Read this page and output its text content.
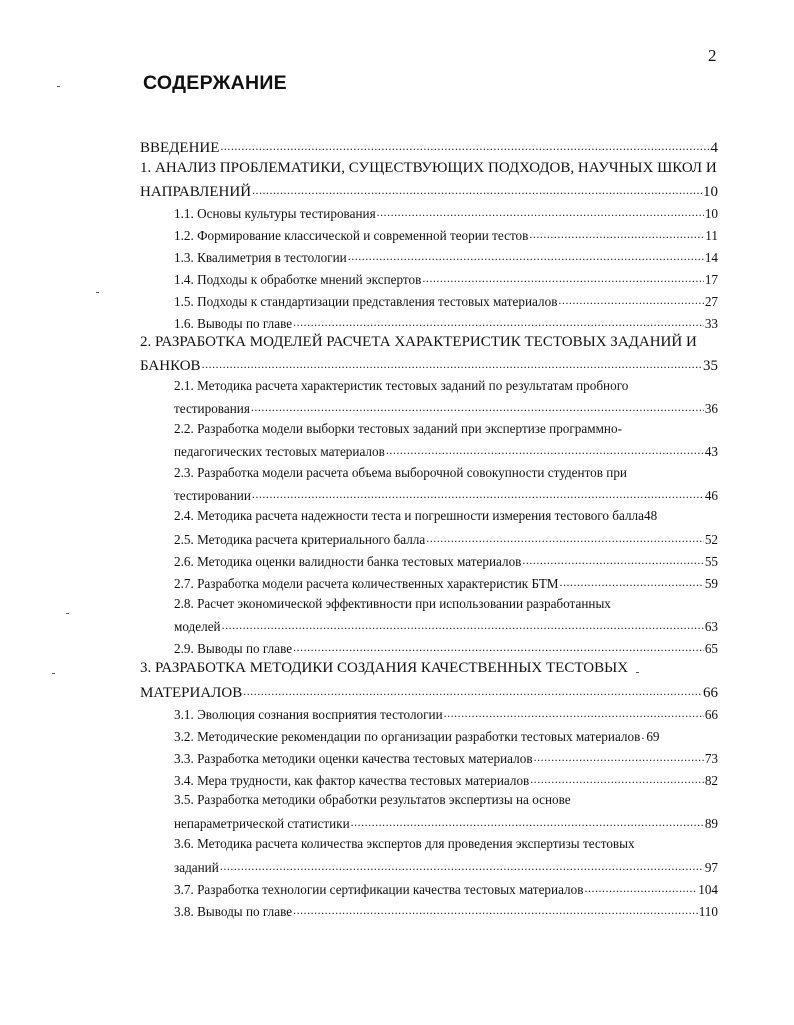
2
СОДЕРЖАНИЕ
ВВЕДЕНИЕ .....	4
1. АНАЛИЗ ПРОБЛЕМАТИКИ, СУЩЕСТВУЮЩИХ ПОДХОДОВ, НАУЧНЫХ ШКОЛ И
НАПРАВЛЕНИЙ .....	10
1.1. Основы культуры тестирования .....	10
1.2. Формирование классической и современной теории тестов .....	11
1.3. Квалиметрия в тестологии .....	14
1.4. Подходы к обработке мнений экспертов .....	17
1.5. Подходы к стандартизации представления тестовых материалов .....	27
1.6. Выводы по главе .....	33
2. РАЗРАБОТКА МОДЕЛЕЙ РАСЧЕТА ХАРАКТЕРИСТИК ТЕСТОВЫХ ЗАДАНИЙ И
БАНКОВ .....	35
2.1. Методика расчета характеристик тестовых заданий по результатам пробного
тестирования .....	36
2.2. Разработка модели выборки тестовых заданий при экспертизе программно-
педагогических тестовых материалов .....	43
2.3. Разработка модели расчета объема выборочной совокупности студентов при
тестировании .....	46
2.4. Методика расчета надежности теста и погрешности измерения тестового балла 48
2.5. Методика расчета критериального балла .....	52
2.6. Методика оценки валидности банка тестовых материалов .....	55
2.7. Разработка модели расчета количественных характеристик БТМ .....	59
2.8. Расчет экономической эффективности при использовании разработанных
моделей .....	63
2.9. Выводы по главе .....	65
3. РАЗРАБОТКА МЕТОДИКИ СОЗДАНИЯ КАЧЕСТВЕННЫХ ТЕСТОВЫХ
МАТЕРИАЛОВ .....	66
3.1. Эволюция сознания восприятия тестологии .....	66
3.2. Методические рекомендации по организации разработки тестовых материалов ..... 69
3.3. Разработка методики оценки качества тестовых материалов .....	73
3.4. Мера трудности, как фактор качества тестовых материалов .....	82
3.5. Разработка методики обработки результатов экспертизы на основе
непараметрической статистики .....	89
3.6. Методика расчета количества экспертов для проведения экспертизы тестовых
заданий .....	97
3.7. Разработка технологии сертификации качества тестовых материалов .....	104
3.8. Выводы по главе .....	110
